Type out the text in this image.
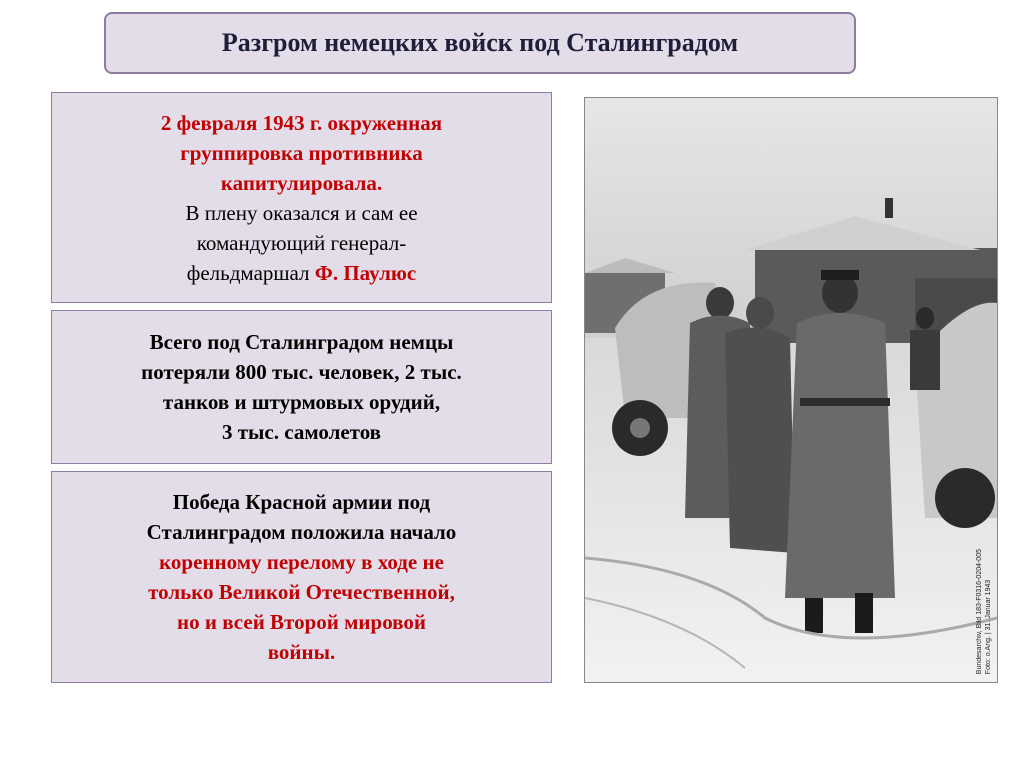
Разгром немецких войск под Сталинградом
2 февраля 1943 г. окруженная
группировка противника
капитулировала.
В плену оказался и сам ее
командующий генерал-
фельдмаршал Ф. Паулюс
Всего под Сталинградом немцы
потеряли 800 тыс. человек, 2 тыс.
танков и штурмовых орудий,
3 тыс. самолетов
Победа Красной армии под
Сталинградом положила начало
коренному перелому в ходе не
только Великой Отечественной,
но и всей Второй мировой
войны.	Bundesarchiv, Bild 183-F0316-0204-005 Foto: o.Ang. | 31. Januar 1943
